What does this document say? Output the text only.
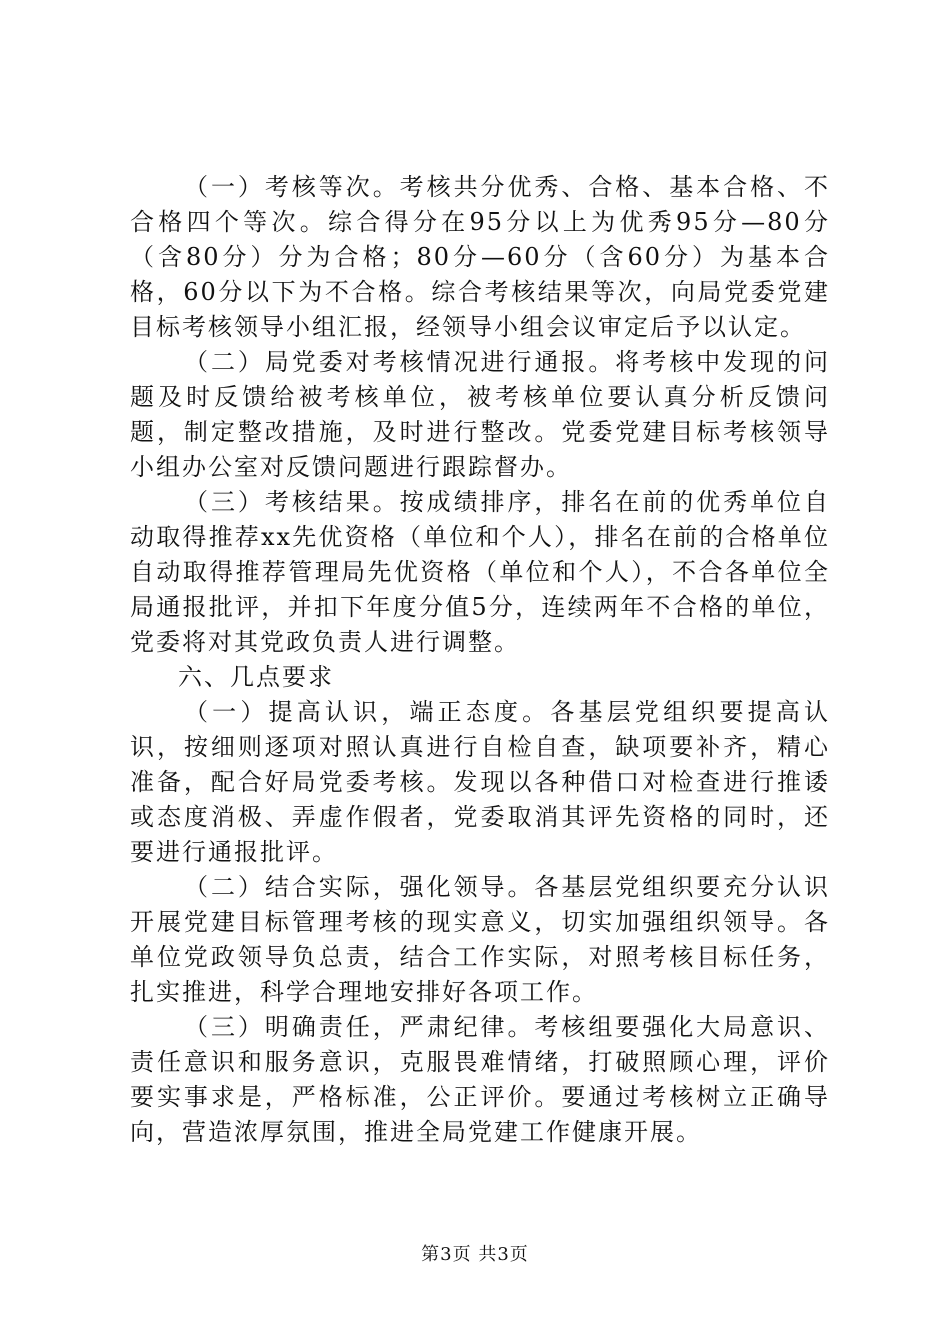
（一）考核等次。考核共分优秀、合格、基本合格、不合格四个等次。综合得分在95分以上为优秀95分—80分（含80分）分为合格；80分—60分（含60分）为基本合格，60分以下为不合格。综合考核结果等次，向局党委党建目标考核领导小组汇报，经领导小组会议审定后予以认定。

（二）局党委对考核情况进行通报。将考核中发现的问题及时反馈给被考核单位，被考核单位要认真分析反馈问题，制定整改措施，及时进行整改。党委党建目标考核领导小组办公室对反馈问题进行跟踪督办。

（三）考核结果。按成绩排序，排名在前的优秀单位自动取得推荐xx先优资格（单位和个人），排名在前的合格单位自动取得推荐管理局先优资格（单位和个人），不合各单位全局通报批评，并扣下年度分值5分，连续两年不合格的单位，党委将对其党政负责人进行调整。

六、几点要求

（一）提高认识，端正态度。各基层党组织要提高认识，按细则逐项对照认真进行自检自查，缺项要补齐，精心准备，配合好局党委考核。发现以各种借口对检查进行推诿或态度消极、弄虚作假者，党委取消其评先资格的同时，还要进行通报批评。

（二）结合实际，强化领导。各基层党组织要充分认识开展党建目标管理考核的现实意义，切实加强组织领导。各单位党政领导负总责，结合工作实际，对照考核目标任务，扎实推进，科学合理地安排好各项工作。

（三）明确责任，严肃纪律。考核组要强化大局意识、责任意识和服务意识，克服畏难情绪，打破照顾心理，评价要实事求是，严格标准，公正评价。要通过考核树立正确导向，营造浓厚氛围，推进全局党建工作健康开展。

第3页 共3页
